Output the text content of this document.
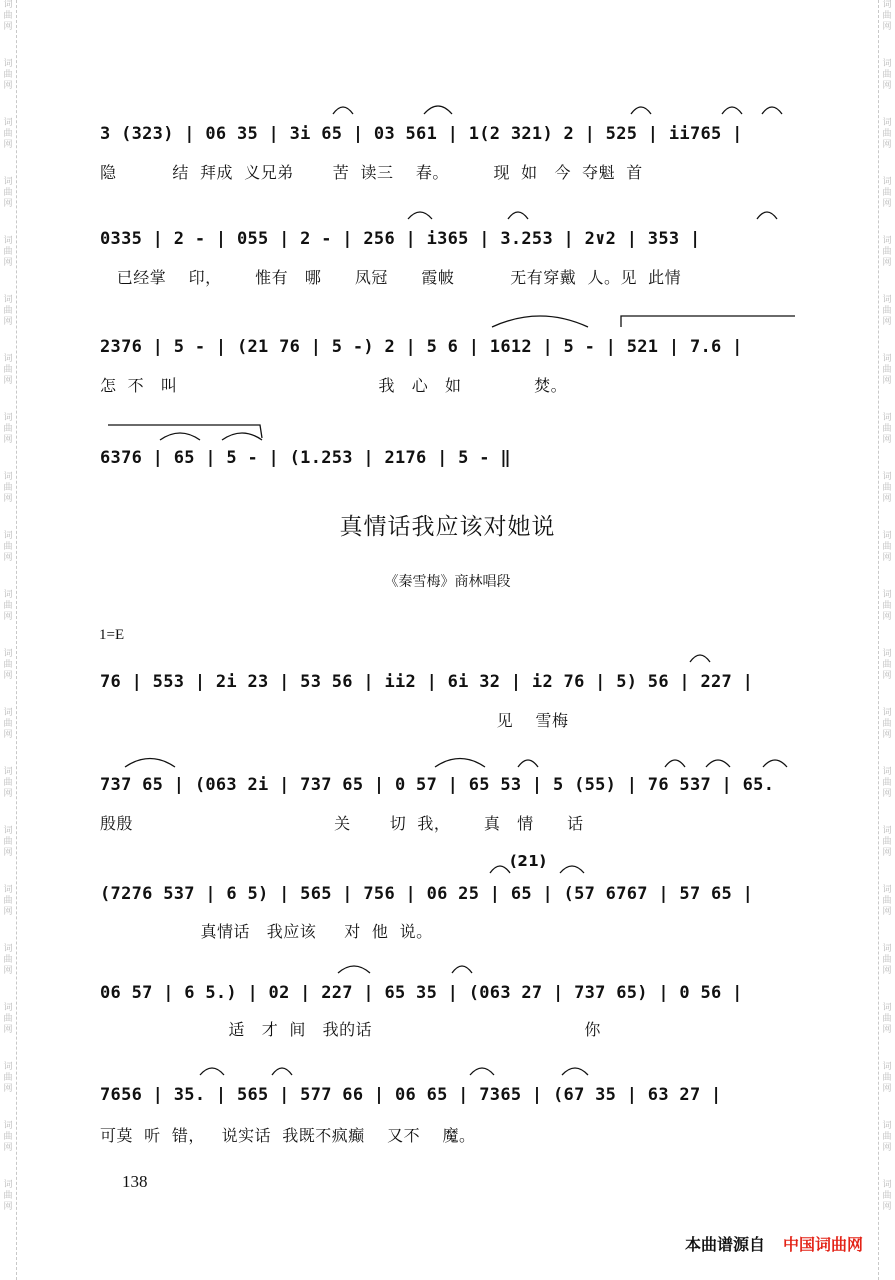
词曲网
词曲网
词曲网
词曲网
词曲网
词曲网
词曲网
词曲网
词曲网
词曲网
词曲网
词曲网
词曲网
词曲网
词曲网
词曲网
词曲网
词曲网
词曲网
词曲网
词曲网
词曲网
词曲网
词曲网
词曲网
词曲网
词曲网
词曲网
词曲网
词曲网
词曲网
词曲网
词曲网
词曲网
词曲网
词曲网
词曲网
词曲网
词曲网
词曲网
词曲网
词曲网
3 (323) | 06 35 | 3i 65 | 03 561 | 1(2 321) 2 | 525 | ii765 |
隐          结  拜成  义兄弟       苦  读三    春。        现  如   今  夺魁  首
0335 | 2 - | 055 | 2 - | 256 | i365 | 3.253 | 2∨2 | 353 |
已经掌    印，      惟有   哪      凤冠      霞帔          无有穿戴  人。见  此情
2376 | 5 - | (21 76 | 5 -) 2 | 5 6 | 1612 | 5 - | 521 | 7.6 |
怎  不   叫                                    我   心   如             焚。
6376 | 65 | 5 - | (1.253 | 2176 | 5 - ‖
真情话我应该对她说
《秦雪梅》商林唱段
1=E
76 | 553 | 2i 23 | 53 56 | ii2 | 6i 32 | i2 76 | 5) 56 | 227 |
见    雪梅
737 65 | (063 2i | 737 65 | 0 57 | 65 53 | 5 (55) | 76 537 | 65.
殷殷                                    关       切  我，      真   情      话
(21)
(7276 537 | 6 5) | 565 | 756 | 06 25 | 65 | (57 6767 | 57 65 |
真情话   我应该     对  他  说。
06 57 | 6 5.) | 02 | 227 | 65 35 | (063 27 | 737 65) | 0 56 |
适   才  间   我的话                                      你
7656 | 35. | 565 | 577 66 | 06 65 | 7365 | (67 35 | 63 27 |
可莫  听  错，   说实话  我既不疯癫    又不    魔。
138
本曲谱源自 中国词曲网
